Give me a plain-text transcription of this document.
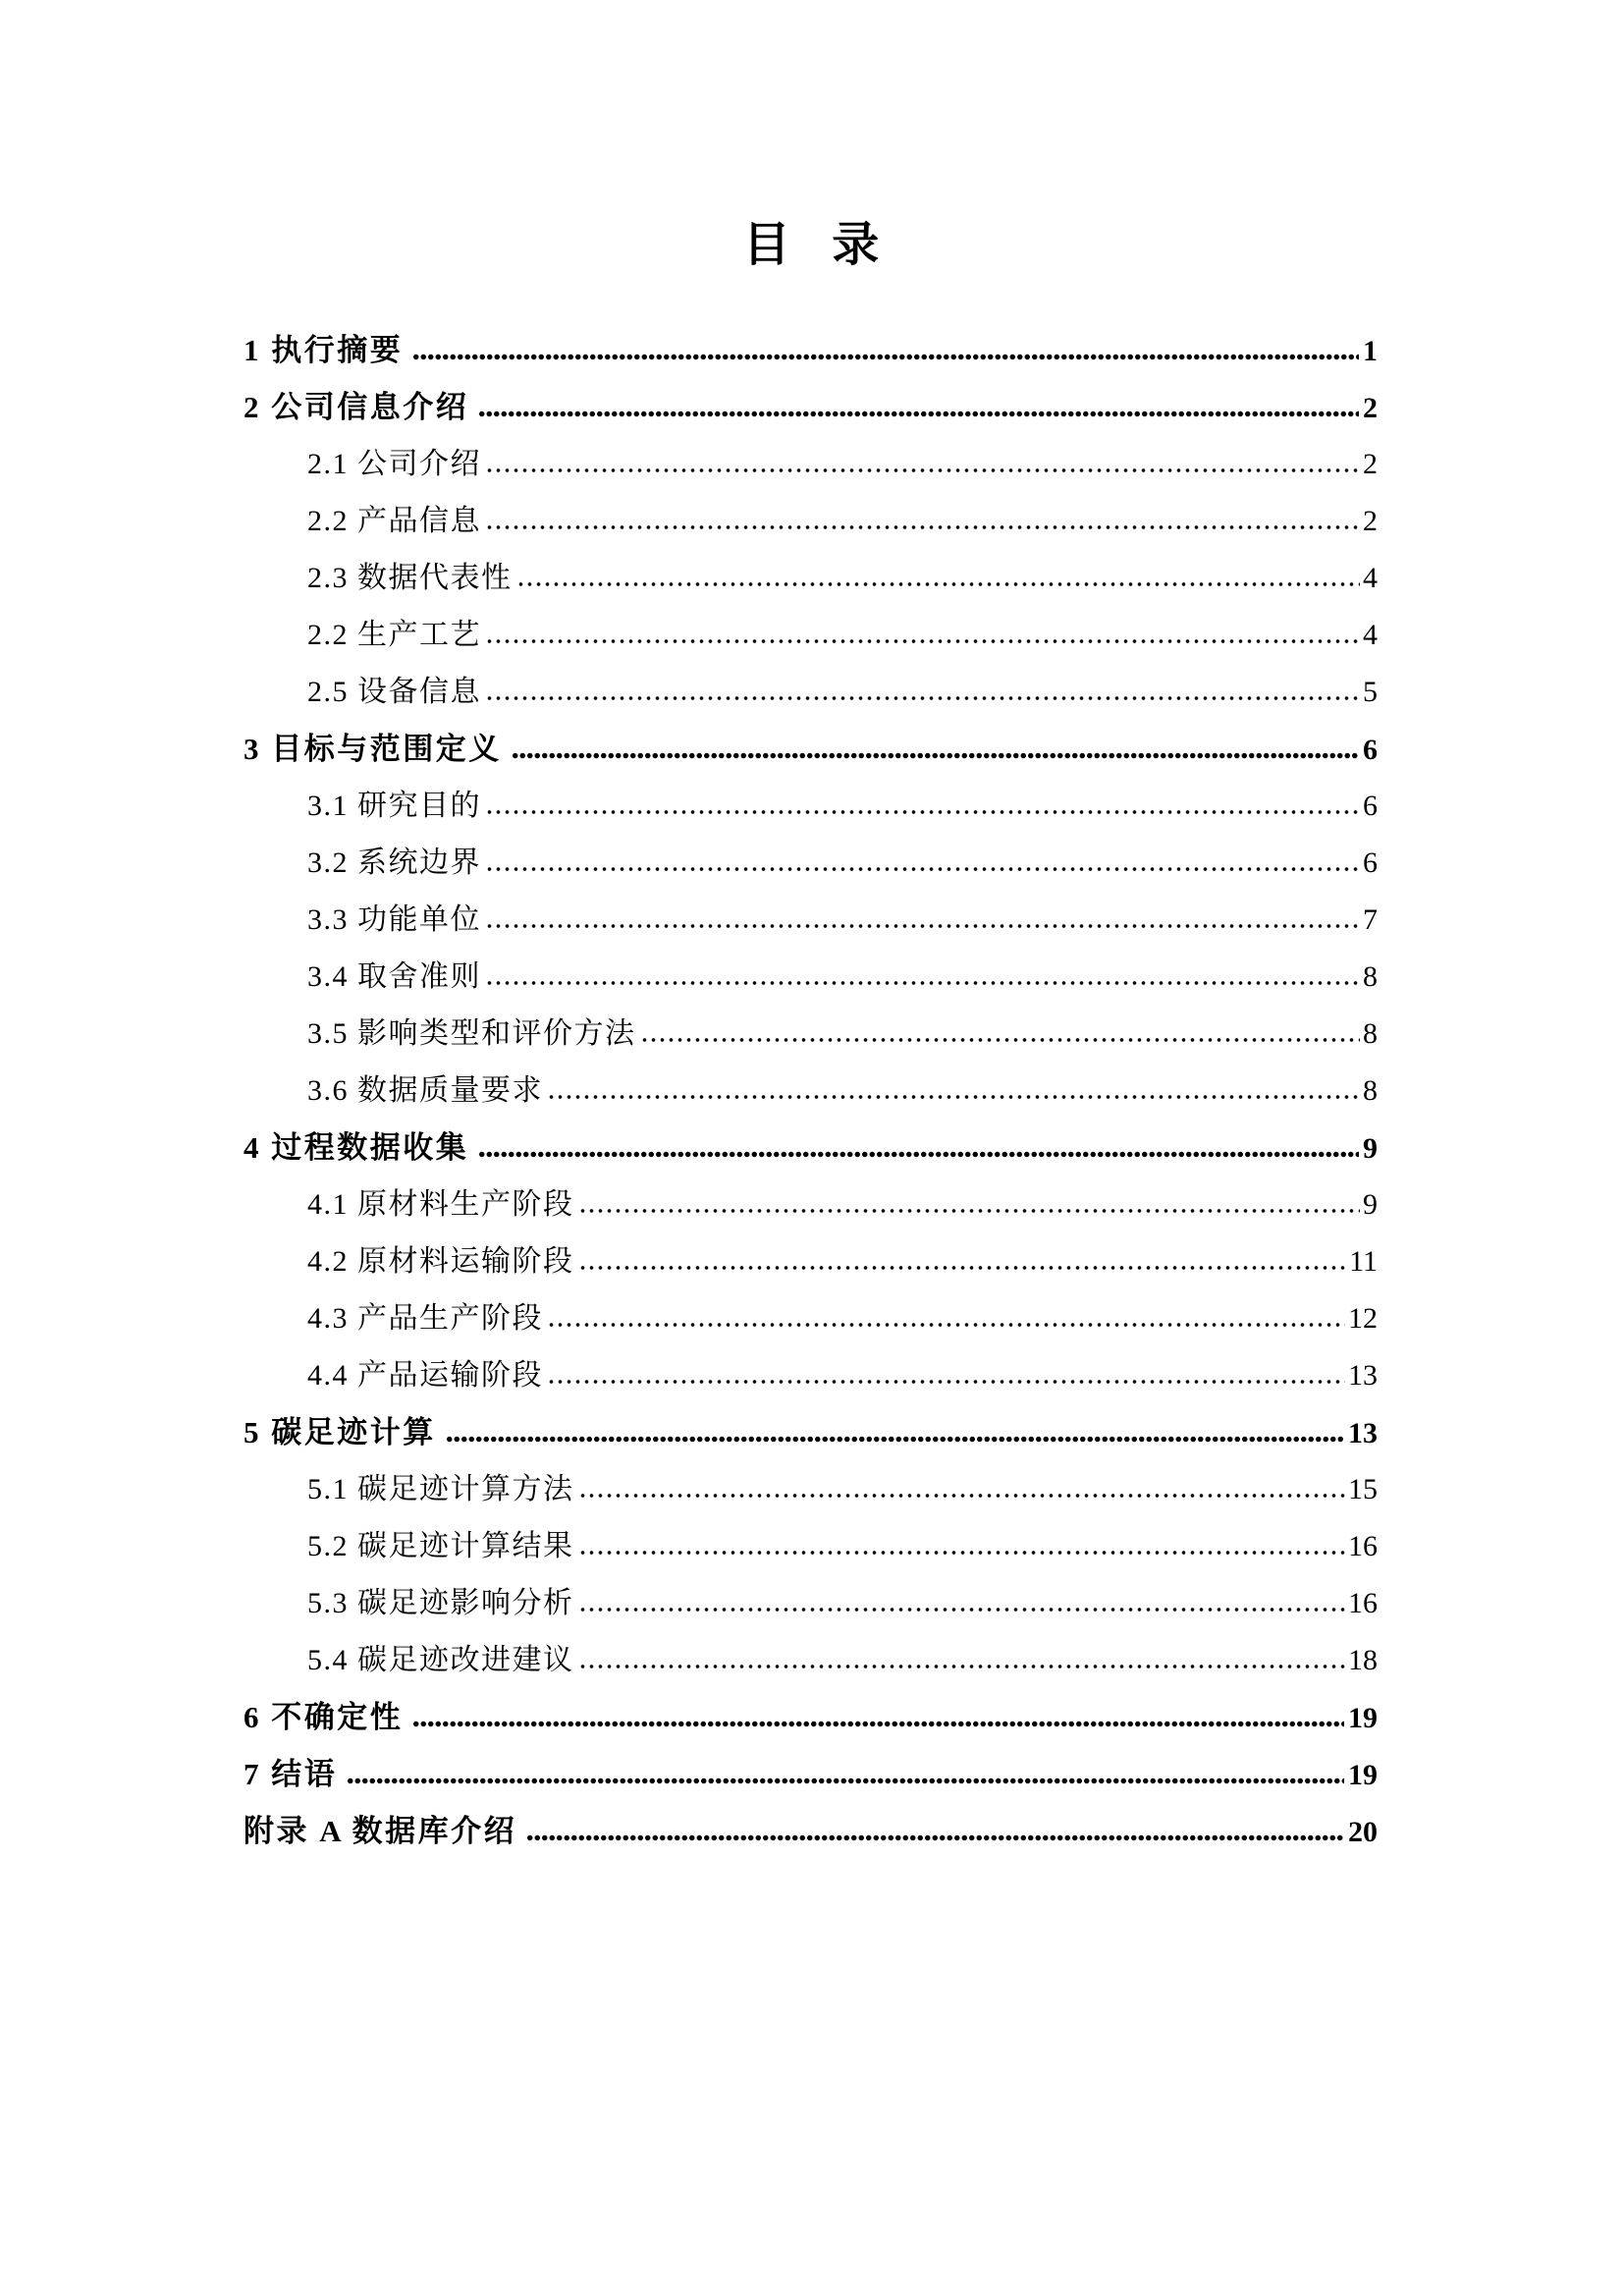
目 录
1 执行摘要	1
2 公司信息介绍	2
2.1 公司介绍	2
2.2 产品信息	2
2.3 数据代表性	4
2.2 生产工艺	4
2.5 设备信息	5
3 目标与范围定义	6
3.1 研究目的	6
3.2 系统边界	6
3.3 功能单位	7
3.4 取舍准则	8
3.5 影响类型和评价方法	8
3.6 数据质量要求	8
4 过程数据收集	9
4.1 原材料生产阶段	9
4.2 原材料运输阶段	11
4.3 产品生产阶段	12
4.4 产品运输阶段	13
5 碳足迹计算	13
5.1 碳足迹计算方法	15
5.2 碳足迹计算结果	16
5.3 碳足迹影响分析	16
5.4 碳足迹改进建议	18
6 不确定性	19
7 结语	19
附录 A 数据库介绍	20
